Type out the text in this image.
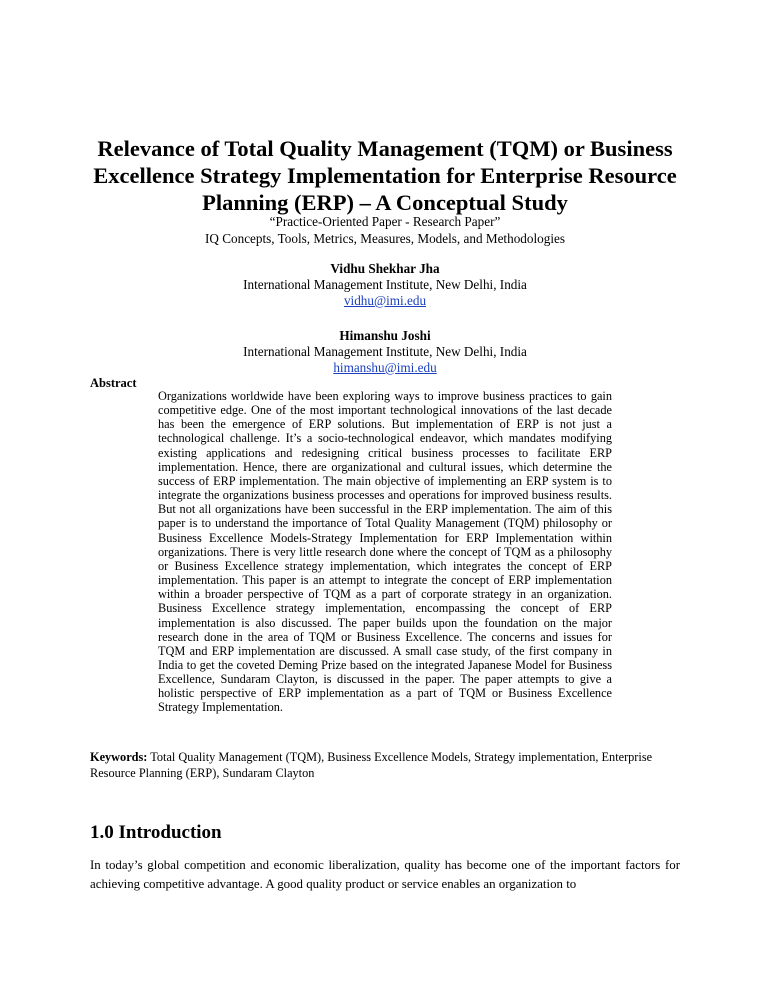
Relevance of Total Quality Management (TQM) or Business Excellence Strategy Implementation for Enterprise Resource Planning (ERP) – A Conceptual Study

“Practice-Oriented Paper - Research Paper”

IQ Concepts, Tools, Metrics, Measures, Models, and Methodologies

Vidhu Shekhar Jha

International Management Institute, New Delhi, India

vidhu@imi.edu

Himanshu Joshi

International Management Institute, New Delhi, India

himanshu@imi.edu

Abstract

Organizations worldwide have been exploring ways to improve business practices to gain competitive edge. One of the most important technological innovations of the last decade has been the emergence of ERP solutions. But implementation of ERP is not just a technological challenge. It’s a socio-technological endeavor, which mandates modifying existing applications and redesigning critical business processes to facilitate ERP implementation. Hence, there are organizational and cultural issues, which determine the success of ERP implementation. The main objective of implementing an ERP system is to integrate the organizations business processes and operations for improved business results. But not all organizations have been successful in the ERP implementation. The aim of this paper is to understand the importance of Total Quality Management (TQM) philosophy or Business Excellence Models-Strategy Implementation for ERP Implementation within organizations. There is very little research done where the concept of TQM as a philosophy or Business Excellence strategy implementation, which integrates the concept of ERP implementation. This paper is an attempt to integrate the concept of ERP implementation within a broader perspective of TQM as a part of corporate strategy in an organization. Business Excellence strategy implementation, encompassing the concept of ERP implementation is also discussed. The paper builds upon the foundation on the major research done in the area of TQM or Business Excellence. The concerns and issues for TQM and ERP implementation are discussed. A small case study, of the first company in India to get the coveted Deming Prize based on the integrated Japanese Model for Business Excellence, Sundaram Clayton, is discussed in the paper. The paper attempts to give a holistic perspective of ERP implementation as a part of TQM or Business Excellence Strategy Implementation.

Keywords: Total Quality Management (TQM), Business Excellence Models, Strategy implementation, Enterprise Resource Planning (ERP), Sundaram Clayton

1.0 Introduction

In today’s global competition and economic liberalization, quality has become one of the important factors for achieving competitive advantage. A good quality product or service enables an organization to
